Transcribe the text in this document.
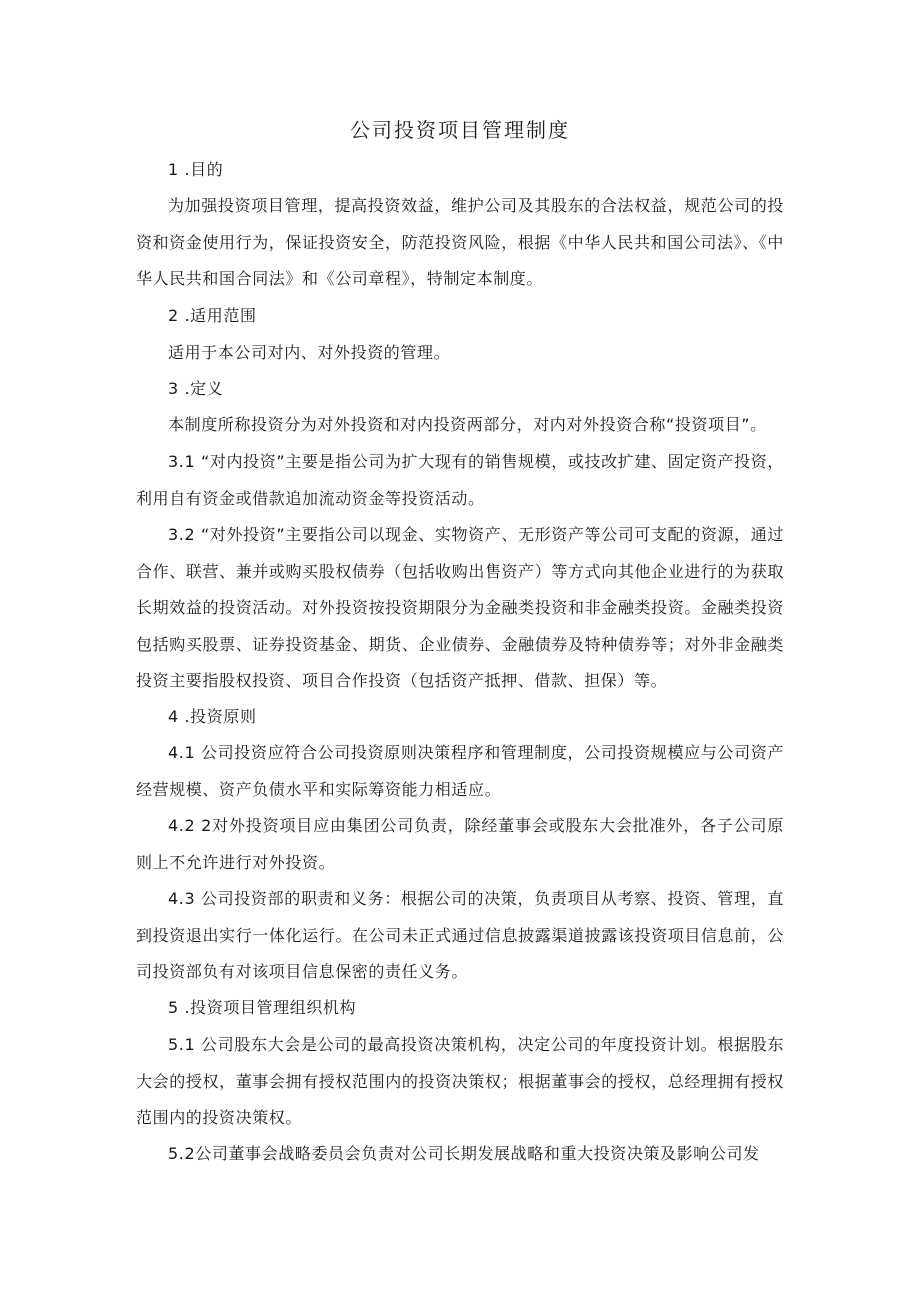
公司投资项目管理制度
1 .目的
为加强投资项目管理，提高投资效益，维护公司及其股东的合法权益，规范公司的投资和资金使用行为，保证投资安全，防范投资风险，根据《中华人民共和国公司法》、《中华人民共和国合同法》和《公司章程》，特制定本制度。
2 .适用范围
适用于本公司对内、对外投资的管理。
3 .定义
本制度所称投资分为对外投资和对内投资两部分，对内对外投资合称“投资项目”。
3.1 “对内投资”主要是指公司为扩大现有的销售规模，或技改扩建、固定资产投资，利用自有资金或借款追加流动资金等投资活动。
3.2 “对外投资”主要指公司以现金、实物资产、无形资产等公司可支配的资源，通过合作、联营、兼并或购买股权债券（包括收购出售资产）等方式向其他企业进行的为获取长期效益的投资活动。对外投资按投资期限分为金融类投资和非金融类投资。金融类投资包括购买股票、证券投资基金、期货、企业债券、金融债券及特种债券等；对外非金融类投资主要指股权投资、项目合作投资（包括资产抵押、借款、担保）等。
4 .投资原则
4.1 公司投资应符合公司投资原则决策程序和管理制度，公司投资规模应与公司资产经营规模、资产负债水平和实际筹资能力相适应。
4.2 2对外投资项目应由集团公司负责，除经董事会或股东大会批准外，各子公司原则上不允许进行对外投资。
4.3 公司投资部的职责和义务：根据公司的决策，负责项目从考察、投资、管理，直到投资退出实行一体化运行。在公司未正式通过信息披露渠道披露该投资项目信息前，公司投资部负有对该项目信息保密的责任义务。
5 .投资项目管理组织机构
5.1 公司股东大会是公司的最高投资决策机构，决定公司的年度投资计划。根据股东大会的授权，董事会拥有授权范围内的投资决策权；根据董事会的授权，总经理拥有授权范围内的投资决策权。
5.2公司董事会战略委员会负责对公司长期发展战略和重大投资决策及影响公司发
